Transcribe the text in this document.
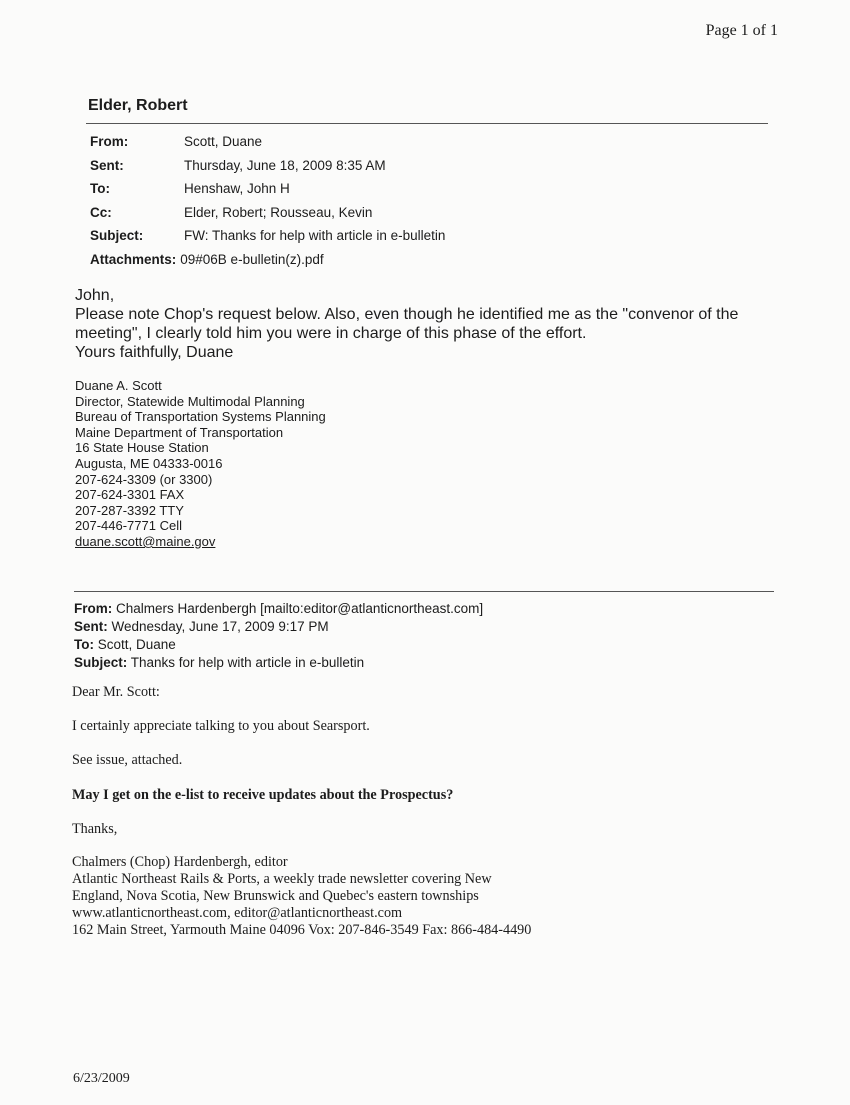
Page 1 of 1
Elder, Robert
From:	Scott, Duane
Sent:	Thursday, June 18, 2009 8:35 AM
To:	Henshaw, John H
Cc:	Elder, Robert; Rousseau, Kevin
Subject:	FW: Thanks for help with article in e-bulletin
Attachments: 09#06B e-bulletin(z).pdf

John,

Please note Chop's request below. Also, even though he identified me as the "convenor of the

meeting", I clearly told him you were in charge of this phase of the effort.

Yours faithfully, Duane

Duane A. Scott
Director, Statewide Multimodal Planning
Bureau of Transportation Systems Planning
Maine Department of Transportation
16 State House Station
Augusta, ME 04333-0016
207-624-3309 (or 3300)
207-624-3301 FAX
207-287-3392 TTY
207-446-7771 Cell
duane.scott@maine.gov
From: Chalmers Hardenbergh [mailto:editor@atlanticnortheast.com]
Sent: Wednesday, June 17, 2009 9:17 PM
To: Scott, Duane
Subject: Thanks for help with article in e-bulletin

Dear Mr. Scott:

I certainly appreciate talking to you about Searsport.

See issue, attached.

May I get on the e-list to receive updates about the Prospectus?

Thanks,

Chalmers (Chop) Hardenbergh, editor

Atlantic Northeast Rails & Ports, a weekly trade newsletter covering New

England, Nova Scotia, New Brunswick and Quebec's eastern townships

www.atlanticnortheast.com, editor@atlanticnortheast.com

162 Main Street, Yarmouth Maine 04096 Vox: 207-846-3549 Fax: 866-484-4490

6/23/2009
